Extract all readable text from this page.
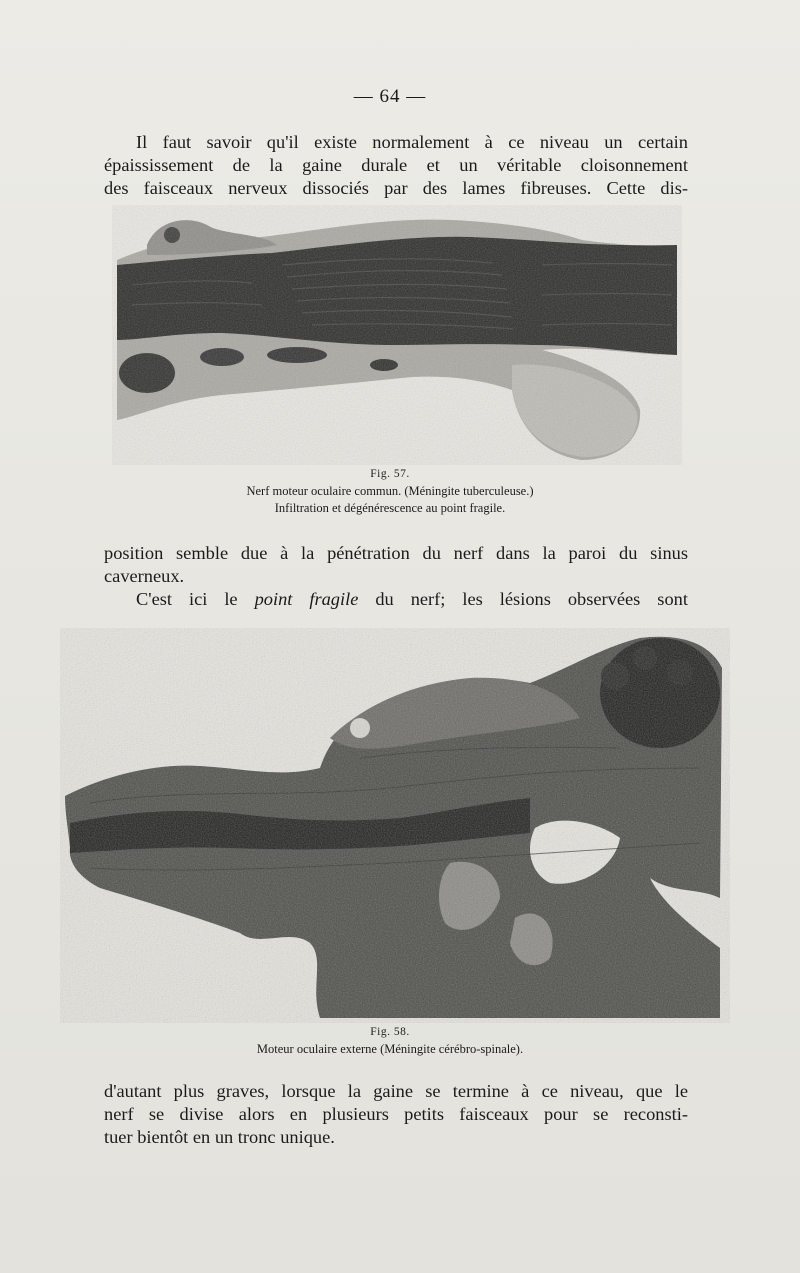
— 64 —
Il faut savoir qu'il existe normalement à ce niveau un certain
épaississement de la gaine durale et un véritable cloisonnement
des faisceaux nerveux dissociés par des lames fibreuses. Cette dis-
Fig. 57.
Nerf moteur oculaire commun. (Méningite tuberculeuse.)
Infiltration et dégénérescence au point fragile.
position semble due à la pénétration du nerf dans la paroi du sinus
caverneux.
C'est ici le point fragile du nerf; les lésions observées sont
Fig. 58.
Moteur oculaire externe (Méningite cérébro-spinale).
d'autant plus graves, lorsque la gaine se termine à ce niveau, que le
nerf se divise alors en plusieurs petits faisceaux pour se reconsti-
tuer bientôt en un tronc unique.
